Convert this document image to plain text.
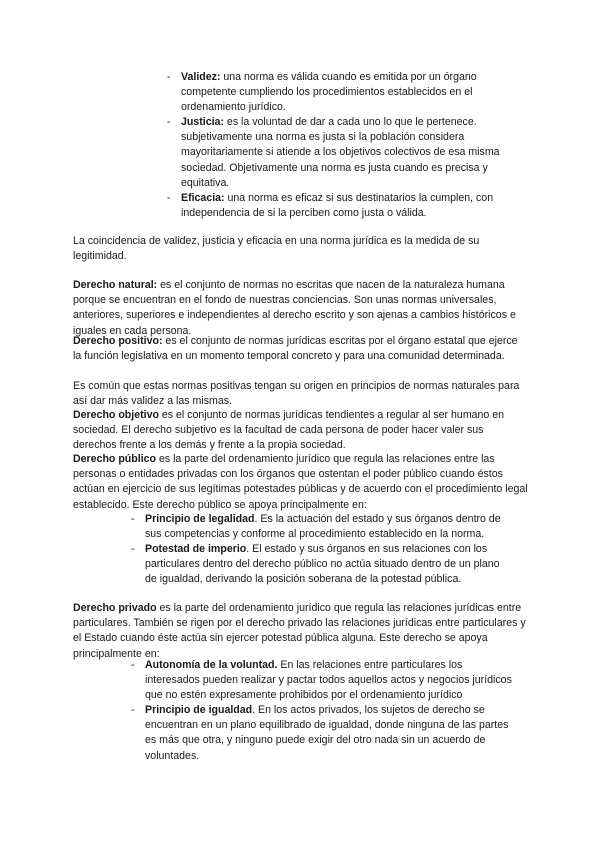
- Validez: una norma es válida cuando es emitida por un órgano competente cumpliendo los procedimientos establecidos en el ordenamiento jurídico.
- Justicia: es la voluntad de dar a cada uno lo que le pertenece. subjetivamente una norma es justa si la población considera mayoritariamente si atiende a los objetivos colectivos de esa misma sociedad. Objetivamente una norma es justa cuando es precisa y equitativa.
- Eficacia: una norma es eficaz si sus destinatarios la cumplen, con independencia de si la perciben como justa o válida.

La coincidencia de validez, justicia y eficacia en una norma jurídica es la medida de su legitimidad.

Derecho natural: es el conjunto de normas no escritas que nacen de la naturaleza humana porque se encuentran en el fondo de nuestras conciencias. Son unas normas universales, anteriores, superiores e independientes al derecho escrito y son ajenas a cambios históricos e iguales en cada persona.

Derecho positivo: es el conjunto de normas jurídicas escritas por el órgano estatal que ejerce la función legislativa en un momento temporal concreto y para una comunidad determinada.

Es común que estas normas positivas tengan su origen en principios de normas naturales para así dar más validez a las mismas.

Derecho objetivo es el conjunto de normas jurídicas tendientes a regular al ser humano en sociedad. El derecho subjetivo es la facultad de cada persona de poder hacer valer sus derechos frente a los demás y frente a la propia sociedad.

Derecho público es la parte del ordenamiento jurídico que regula las relaciones entre las personas o entidades privadas con los órganos que ostentan el poder público cuando éstos actúan en ejercicio de sus legítimas potestades públicas y de acuerdo con el procedimiento legal establecido. Este derecho público se apoya principalmente en:

- Principio de legalidad. Es la actuación del estado y sus órganos dentro de sus competencias y conforme al procedimiento establecido en la norma.
- Potestad de imperio. El estado y sus órganos en sus relaciones con los particulares dentro del derecho público no actúa situado dentro de un plano de igualdad, derivando la posición soberana de la potestad pública.

Derecho privado es la parte del ordenamiento jurídico que regula las relaciones jurídicas entre particulares. También se rigen por el derecho privado las relaciones jurídicas entre particulares y el Estado cuando éste actúa sin ejercer potestad pública alguna. Este derecho se apoya principalmente en:

- Autonomía de la voluntad. En las relaciones entre particulares los interesados pueden realizar y pactar todos aquellos actos y negocios jurídicos que no estén expresamente prohibidos por el ordenamiento jurídico
- Principio de igualdad. En los actos privados, los sujetos de derecho se encuentran en un plano equilibrado de igualdad, donde ninguna de las partes es más que otra, y ninguno puede exigir del otro nada sin un acuerdo de voluntades.
